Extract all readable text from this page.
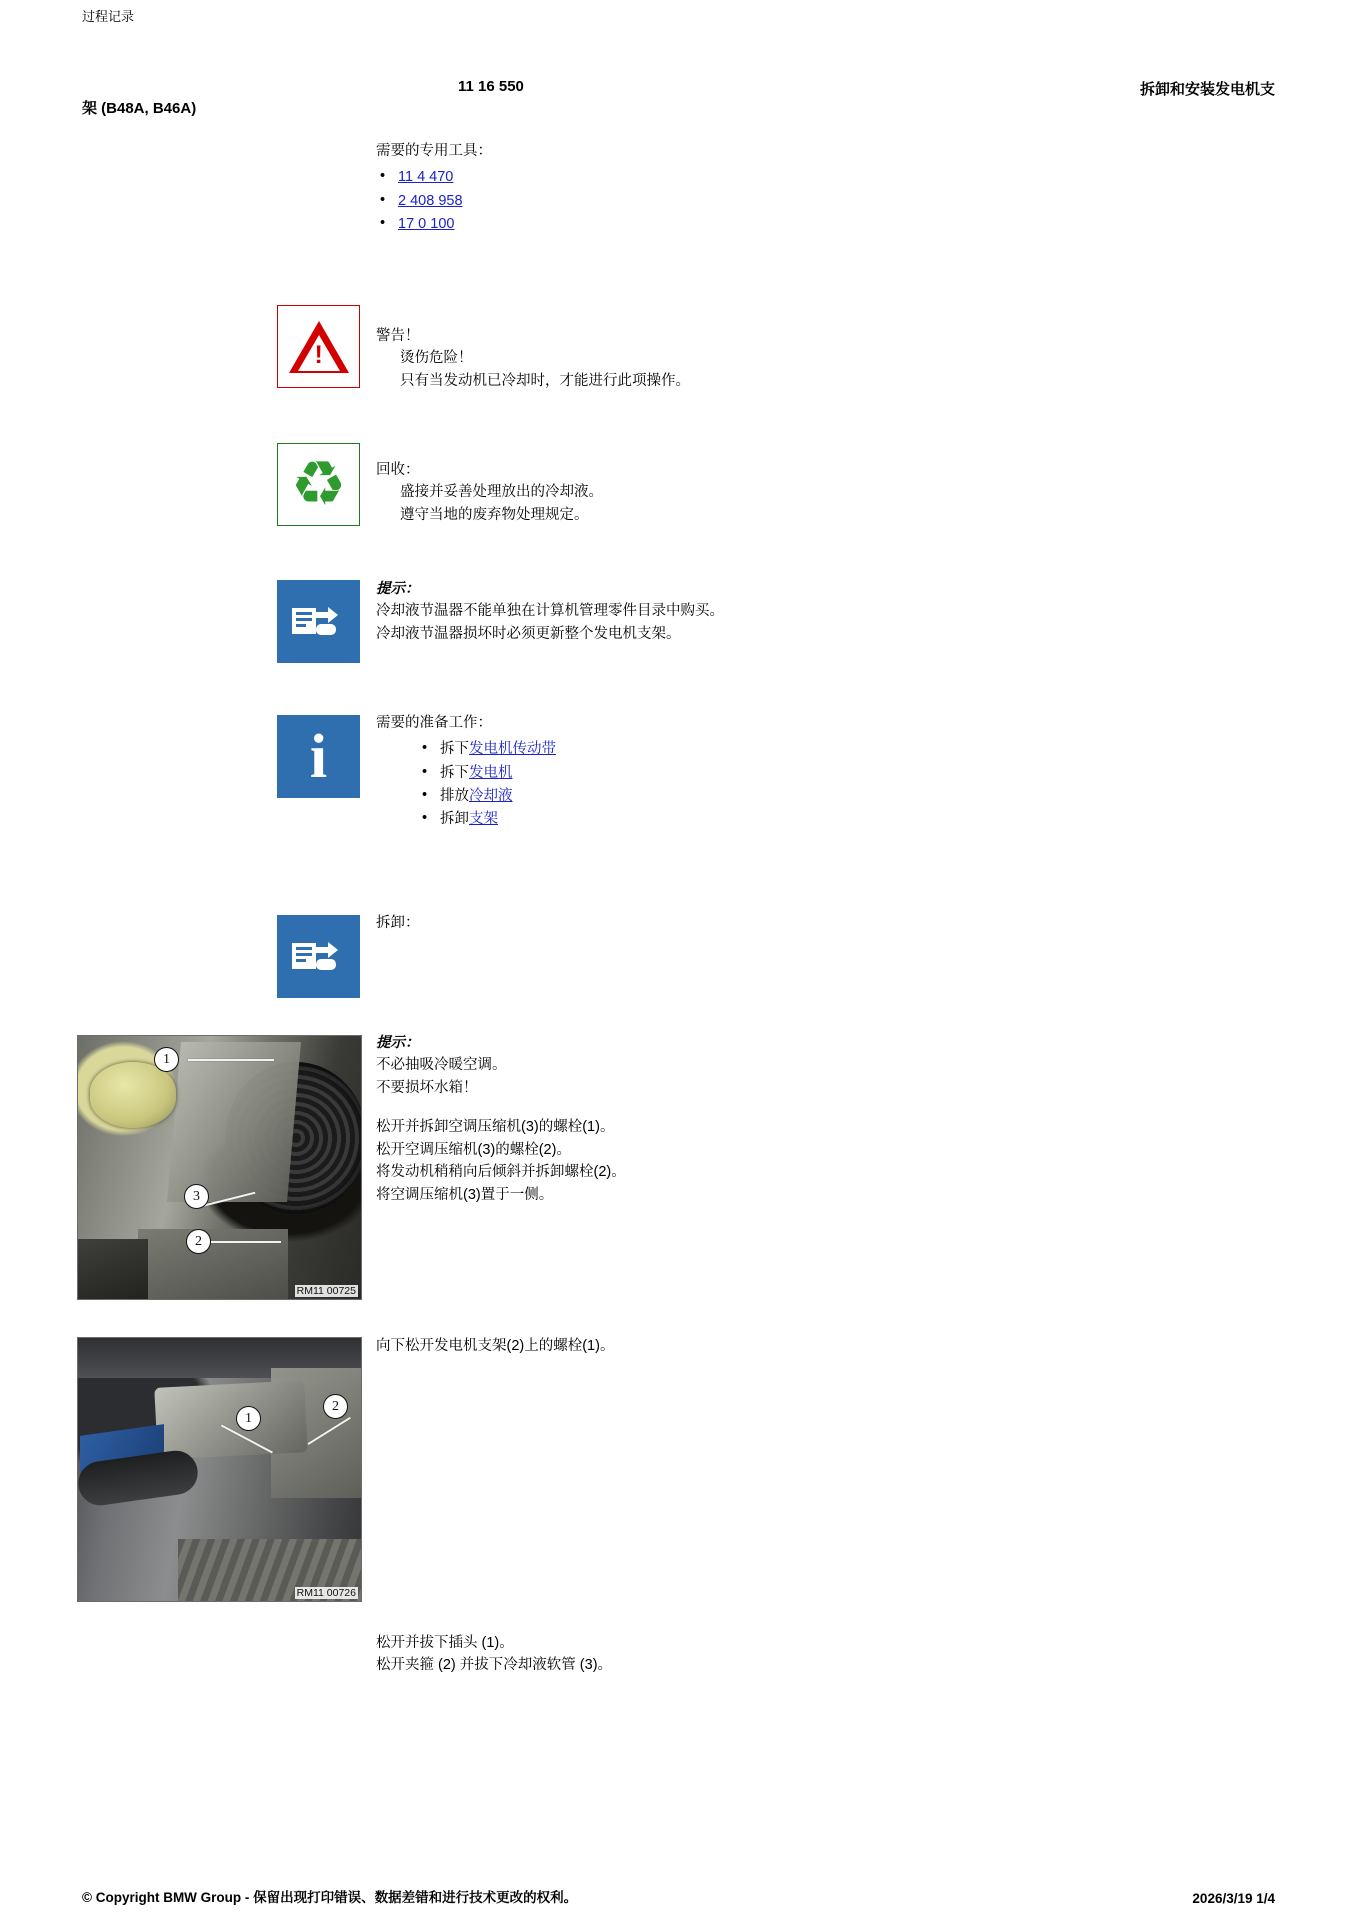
过程记录
11 16 550	拆卸和安装发电机支
架 (B48A, B46A)
需要的专用工具：
• 11 4 470
• 2 408 958
• 17 0 100
!
警告！
烫伤危险！
只有当发动机已冷却时，才能进行此项操作。
♻ 回收：
盛接并妥善处理放出的冷却液。
遵守当地的废弃物处理规定。
提示：
冷却液节温器不能单独在计算机管理零件目录中购买。
冷却液节温器损坏时必须更新整个发电机支架。
i	需要的准备工作：
• 拆下发电机传动带
• 拆下发电机
• 排放冷却液
• 拆卸支架
拆卸：
1
3
2
RM11 00725
提示：
不必抽吸冷暖空调。
不要损坏水箱！
松开并拆卸空调压缩机(3)的螺栓(1)。
松开空调压缩机(3)的螺栓(2)。
将发动机稍稍向后倾斜并拆卸螺栓(2)。
将空调压缩机(3)置于一侧。
1
2
RM11 00726
向下松开发电机支架(2)上的螺栓(1)。
松开并拔下插头 (1)。
松开夹箍 (2) 并拔下冷却液软管 (3)。
© Copyright BMW Group - 保留出现打印错误、数据差错和进行技术更改的权利。	2026/3/19 1/4
